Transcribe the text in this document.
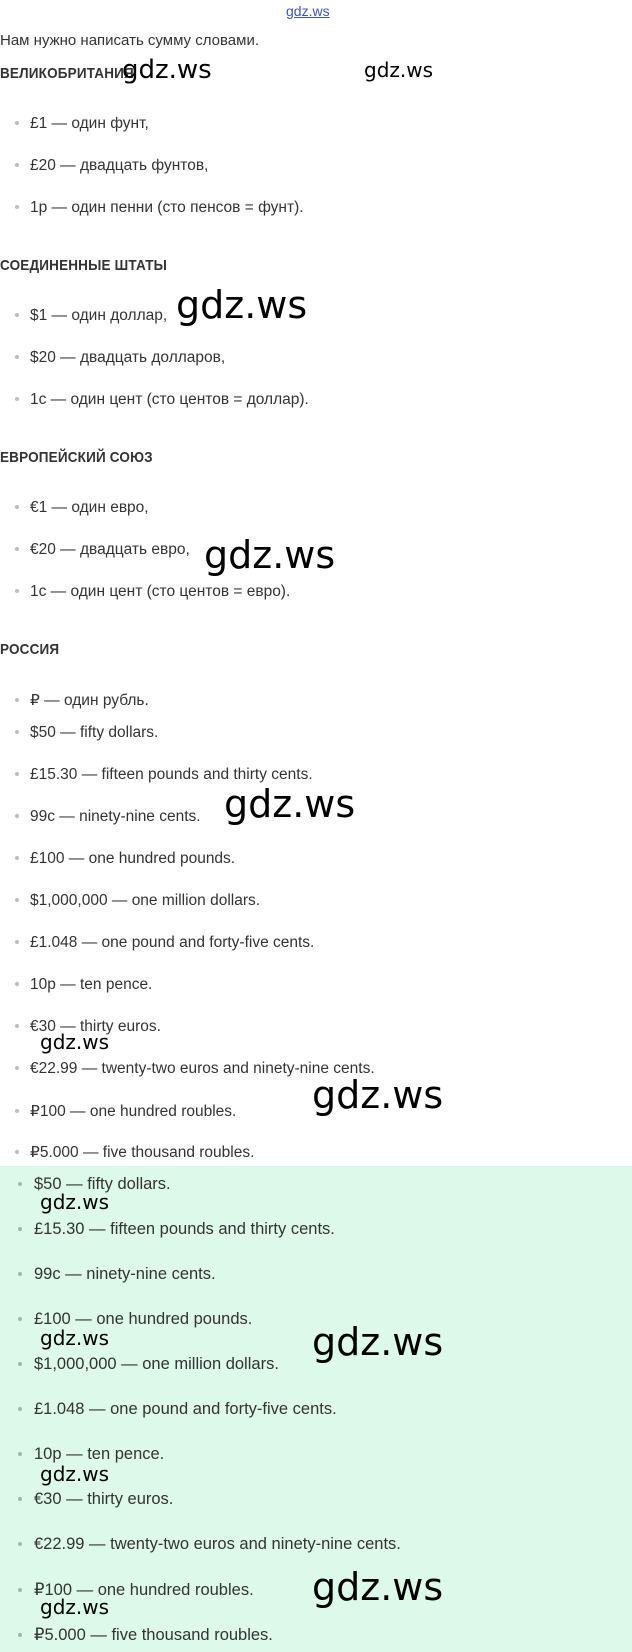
gdz.ws
Нам нужно написать сумму словами.
ВЕЛИКОБРИТАНИЯ
£1 — один фунт,
£20 — двадцать фунтов,
1p — один пенни (сто пенсов = фунт).
СОЕДИНЕННЫЕ ШТАТЫ
$1 — один доллар,
$20 — двадцать долларов,
1c — один цент (сто центов = доллар).
ЕВРОПЕЙСКИЙ СОЮЗ
€1 — один евро,
€20 — двадцать евро,
1c — один цент (сто центов = евро).
РОССИЯ
₽ — один рубль.
$50 — fifty dollars.
£15.30 — fifteen pounds and thirty cents.
99c — ninety-nine cents.
£100 — one hundred pounds.
$1,000,000 — one million dollars.
£1.048 — one pound and forty-five cents.
10p — ten pence.
€30 — thirty euros.
€22.99 — twenty-two euros and ninety-nine cents.
₽100 — one hundred roubles.
₽5.000 — five thousand roubles.
$50 — fifty dollars.
£15.30 — fifteen pounds and thirty cents.
99c — ninety-nine cents.
£100 — one hundred pounds.
$1,000,000 — one million dollars.
£1.048 — one pound and forty-five cents.
10p — ten pence.
€30 — thirty euros.
€22.99 — twenty-two euros and ninety-nine cents.
₽100 — one hundred roubles.
₽5.000 — five thousand roubles.
gdz.ws	gdz.ws
gdz.ws
gdz.ws
gdz.ws
gdz.ws
gdz.ws
gdz.ws
gdz.ws	gdz.ws
gdz.ws
gdz.ws
gdz.ws
